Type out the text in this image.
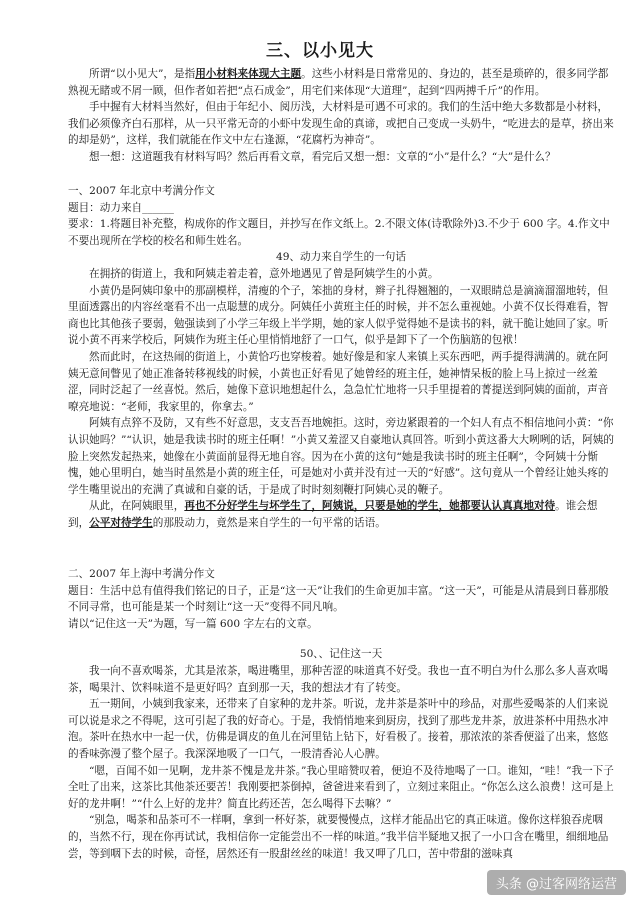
三、以小见大

所谓“以小见大”，是指用小材料来体现大主题。这些小材料是日常常见的、身边的，甚至是琐碎的，很多同学都熟视无睹或不屑一顾，但作者如若把“点石成金”，用宅们来体现“大道理”，起到“四两搏千斤”的作用。

手中握有大材料当然好，但由于年纪小、阅历浅，大材料是可遇不可求的。我们的生活中绝大多数都是小材料，我们必须像齐白石那样，从一只平常无奇的小虾中发现生命的真谛，或把自己变成一头奶牛，“吃进去的是草，挤出来的却是奶”，这样，我们就能在作文中左右逢源，“花腐朽为神奇”。

想一想：这道题我有材料写吗？然后再看文章，看完后又想一想：文章的“小”是什么？“大”是什么？

一、2007 年北京中考满分作文

题目：动力来自______

要求：1.将题目补充整，构成你的作文题目，并抄写在作文纸上。2.不限文体(诗歌除外)3.不少于 600 字。4.作文中不要出现所在学校的校名和师生姓名。

49、动力来自学生的一句话

在拥挤的街道上，我和阿姨走着走着，意外地遇见了曾是阿姨学生的小黄。

小黄仍是阿姨印象中的那副模样，清瘦的个子，笨拙的身材，辫子扎得翘翘的，一双眼睛总是滴滴溜溜地转，但里面透露出的内容丝毫看不出一点聪慧的成分。阿姨任小黄班主任的时候，并不怎么重视她。小黄不仅长得难看，智商也比其他孩子要弱，勉强读到了小学三年级上半学期，她的家人似乎觉得她不是读书的料，就干脆让她回了家。听说小黄不再来学校后，阿姨作为班主任心里悄悄地舒了一口气，似乎是卸下了一个伤脑筋的包袱！

然而此时，在这热闹的街道上，小黄恰巧也穿梭着。她好像是和家人来镇上买东西吧，两手提得满满的。就在阿姨无意间瞥见了她正准备转移视线的时候，小黄也正好看见了她曾经的班主任，她神情呆板的脸上马上掠过一丝羞涩，同时泛起了一丝喜悦。然后，她像下意识地想起什么，急急忙忙地将一只手里提着的菁提送到阿姨的面前，声音嘹亮地说：“老师，我家里的，你拿去。”

阿姨有点猝不及防，又有些不好意思，支支吾吾地婉拒。这时，旁边紧跟着的一个妇人有点不相信地问小黄：“你认识她吗？”“认识，她是我读书时的班主任啊！”小黄又羞涩又自豪地认真回答。听到小黄这番大大咧咧的话，阿姨的脸上突然发起热来，她像在小黄面前显得无地自容。因为在小黄的这句“她是我读书时的班主任啊”，令阿姨十分惭愧，她心里明白，她当时虽然是小黄的班主任，可是她对小黄并没有过一天的“好感”。这句竟从一个曾经让她头疼的学生嘴里说出的充满了真诚和自豪的话，于是成了时时刻刻鞭打阿姨心灵的鞭子。

从此，在阿姨眼里，再也不分好学生与坏学生了，阿姨说，只要是她的学生，她都要认认真真地对待。谁会想到，公平对待学生的那股动力，竟然是来自学生的一句平常的话语。

二、2007 年上海中考满分作文

题目：生活中总有值得我们铭记的日子，正是“这一天”让我们的生命更加丰富。“这一天”，可能是从清晨到日暮那般不同寻常，也可能是某一个时刻让“这一天”变得不同凡响。

请以“记住这一天”为题，写一篇 600 字左右的文章。

50、、记住这一天

我一向不喜欢喝茶，尤其是浓茶，喝进嘴里，那种苦涩的味道真不好受。我也一直不明白为什么那么多人喜欢喝茶，喝果汁、饮料味道不是更好吗？直到那一天，我的想法才有了转变。

五一期间，小姨到我家来，还带来了自家种的龙井茶。听说，龙井茶是茶叶中的珍品，对那些爱喝茶的人们来说可以说是求之不得呢，这可引起了我的好奇心。于是，我悄悄地来到厨房，找到了那些龙井茶，放进茶杯中用热水冲泡。茶叶在热水中一起一伏，仿佛是调皮的鱼儿在河里钻上钻下，好看极了。接着，那浓浓的茶香便溢了出来，悠悠的香味弥漫了整个屋子。我深深地吸了一口气，一股清香沁人心脾。

“嗯，百闻不如一见啊，龙井茶不愧是龙井茶。”我心里暗赞叹着，便迫不及待地喝了一口。谁知，“哇！”我一下子全吐了出来，这茶比其他茶还要苦！我刚要把茶倒掉，爸爸进来看到了，立刻过来阻止。“你怎么这么浪费！这可是上好的龙井啊！”“什么上好的龙井？简直比药还苦，怎么喝得下去嘛？”

“别急，喝茶和品茶可不一样啊，拿到一杯好茶，就要慢慢点，这样才能品出它的真正味道。像你这样狼吞虎咽的，当然不行，现在你再试试，我相信你一定能尝出不一样的味道。”我半信半疑地又抿了一小口含在嘴里，细细地品尝，等到咽下去的时候，奇怪，居然还有一股甜丝丝的味道！我又呷了几口，苦中带甜的滋味真

头条 @过客网络运营
